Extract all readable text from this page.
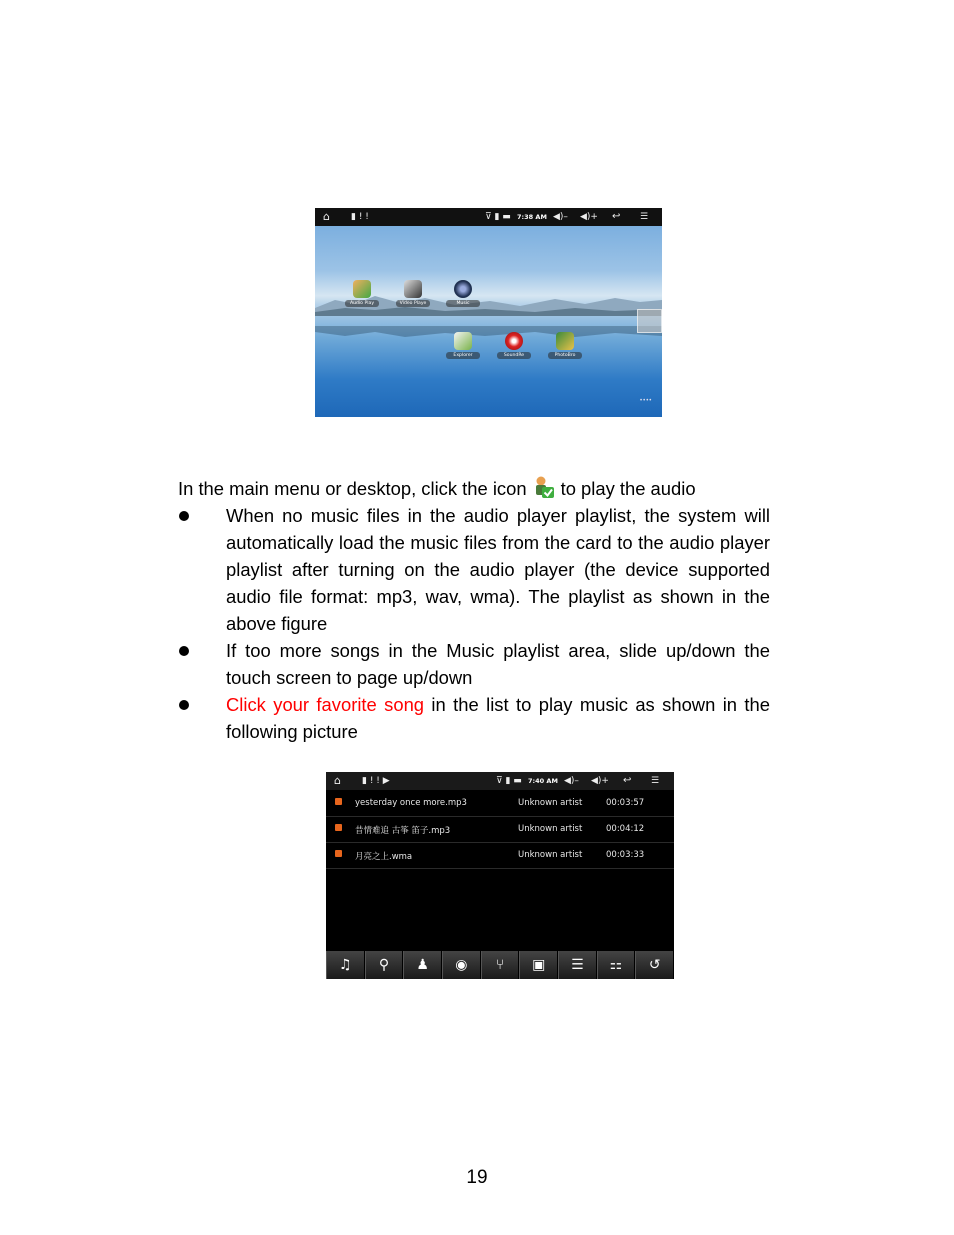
⌂ ▮ ! !	⊽ ▮ ▬ 7:38 AM ◀)– ◀)+ ↩ ☰
Audio Play	Video Playe	Music
Explorer	SoundRe	PhotoBro
••••
In the main menu or desktop, click the icon to play the audio
When no music files in the audio player playlist, the system will automatically load the music files from the card to the audio player playlist after turning on the audio player (the device supported audio file format: mp3, wav, wma). The playlist as shown in the above figure
If too more songs in the Music playlist area, slide up/down the touch screen to page up/down
Click your favorite song in the list to play music as shown in the following picture
⌂ ▮ ! ! ▶	⊽ ▮ ▬ 7:40 AM ◀)– ◀)+ ↩ ☰
yesterday once more.mp3	Unknown artist	00:03:57
昔情难追 古筝 笛子.mp3	Unknown artist	00:04:12
月亮之上.wma	Unknown artist	00:03:33
♫	⚲	♟	◉	⑂	▣	☰	⚏	↺
19
